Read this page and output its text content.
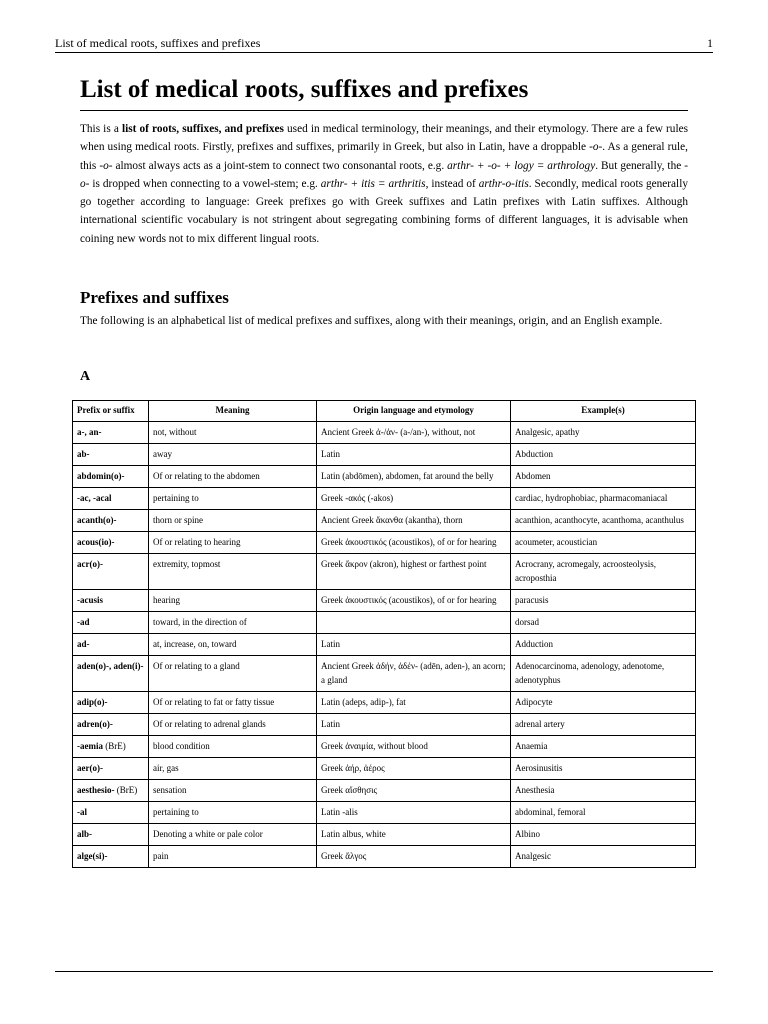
List of medical roots, suffixes and prefixes	1
List of medical roots, suffixes and prefixes

This is a list of roots, suffixes, and prefixes used in medical terminology, their meanings, and their etymology. There are a few rules when using medical roots. Firstly, prefixes and suffixes, primarily in Greek, but also in Latin, have a droppable -o-. As a general rule, this -o- almost always acts as a joint-stem to connect two consonantal roots, e.g. arthr- + -o- + logy = arthrology. But generally, the -o- is dropped when connecting to a vowel-stem; e.g. arthr- + itis = arthritis, instead of arthr-o-itis. Secondly, medical roots generally go together according to language: Greek prefixes go with Greek suffixes and Latin prefixes with Latin suffixes. Although international scientific vocabulary is not stringent about segregating combining forms of different languages, it is advisable when coining new words not to mix different lingual roots.

Prefixes and suffixes

The following is an alphabetical list of medical prefixes and suffixes, along with their meanings, origin, and an English example.

A
Prefix or suffix	Meaning	Origin language and etymology	Example(s)
a-, an-	not, without	Ancient Greek ἀ-/ἀν- (a-/an-), without, not	Analgesic, apathy
ab-	away	Latin	Abduction
abdomin(o)-	Of or relating to the abdomen	Latin (abdōmen), abdomen, fat around the belly	Abdomen
-ac, -acal	pertaining to	Greek -ακός (-akos)	cardiac, hydrophobiac, pharmacomaniacal
acanth(o)-	thorn or spine	Ancient Greek ἄκανθα (akantha), thorn	acanthion, acanthocyte, acanthoma, acanthulus
acous(io)-	Of or relating to hearing	Greek ἀκουστικός (acoustikos), of or for hearing	acoumeter, acoustician
acr(o)-	extremity, topmost	Greek ἄκρον (akron), highest or farthest point	Acrocrany, acromegaly, acroosteolysis, acroposthia
-acusis	hearing	Greek ἀκουστικός (acoustikos), of or for hearing	paracusis
-ad	toward, in the direction of		dorsad
ad-	at, increase, on, toward	Latin	Adduction
aden(o)-, aden(i)-	Of or relating to a gland	Ancient Greek ἀδήν, ἀδέν- (adēn, aden-), an acorn; a gland	Adenocarcinoma, adenology, adenotome, adenotyphus
adip(o)-	Of or relating to fat or fatty tissue	Latin (adeps, adip-), fat	Adipocyte
adren(o)-	Of or relating to adrenal glands	Latin	adrenal artery
-aemia (BrE)	blood condition	Greek ἀναιμία, without blood	Anaemia
aer(o)-	air, gas	Greek ἀήρ, ἀέρος	Aerosinusitis
aesthesio- (BrE)	sensation	Greek αἴσθησις	Anesthesia
-al	pertaining to	Latin -alis	abdominal, femoral
alb-	Denoting a white or pale color	Latin albus, white	Albino
alge(si)-	pain	Greek ἄλγος	Analgesic
